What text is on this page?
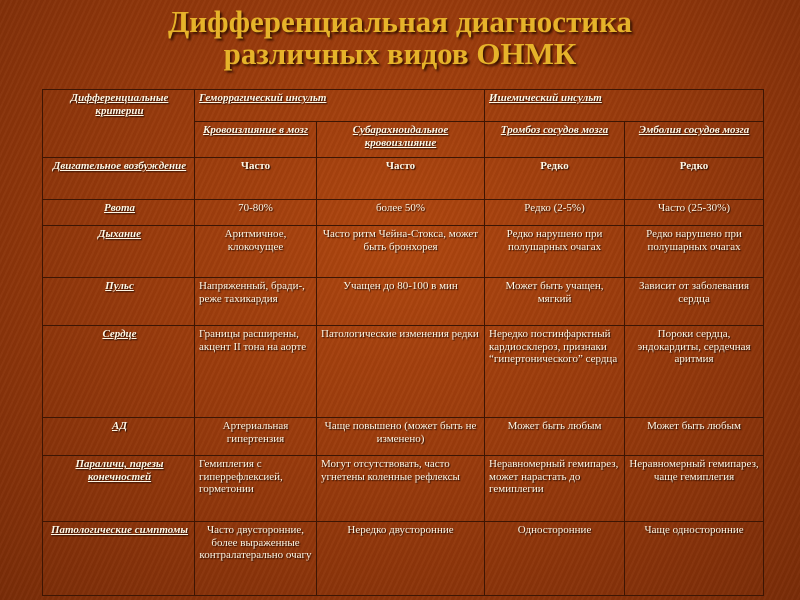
Дифференциальная диагностика
различных видов ОНМК
Дифференциальные критерии	Геморрагический инсульт		Ишемический инсульт	
	Кровоизлияние в мозг	Субарахноидальное кровоизлияние	Тромбоз сосудов мозга	Эмболия сосудов мозга
Двигательное возбуждение	Часто	Часто	Редко	Редко
Рвота	70-80%	более 50%	Редко (2-5%)	Часто (25-30%)
Дыхание	Аритмичное, клокочущее	Часто ритм Чейна-Стокса, может быть бронхорея	Редко нарушено при полушарных очагах	Редко нарушено при полушарных очагах
Пульс	Напряженный, бради-, реже тахикардия	Учащен до 80-100 в мин	Может быть учащен, мягкий	Зависит от заболевания сердца
Сердце	Границы расширены, акцент II тона на аорте	Патологические изменения редки	Нередко постинфарктный кардиосклероз, признаки “гипертонического” сердца	Пороки сердца, эндокардиты, сердечная аритмия
АД	Артериальная гипертензия	Чаще повышено (может быть не изменено)	Может быть любым	Может быть любым
Параличи, парезы конечностей	Гемиплегия с гиперрефлексией, горметонии	Могут отсутствовать, часто угнетены коленные рефлексы	Неравномерный гемипарез, может нарастать до гемиплегии	Неравномерный гемипарез, чаще гемиплегия
Патологические симптомы	Часто двусторонние, более выраженные контралатерально очагу	Нередко двусторонние	Односторонние	Чаще односторонние
